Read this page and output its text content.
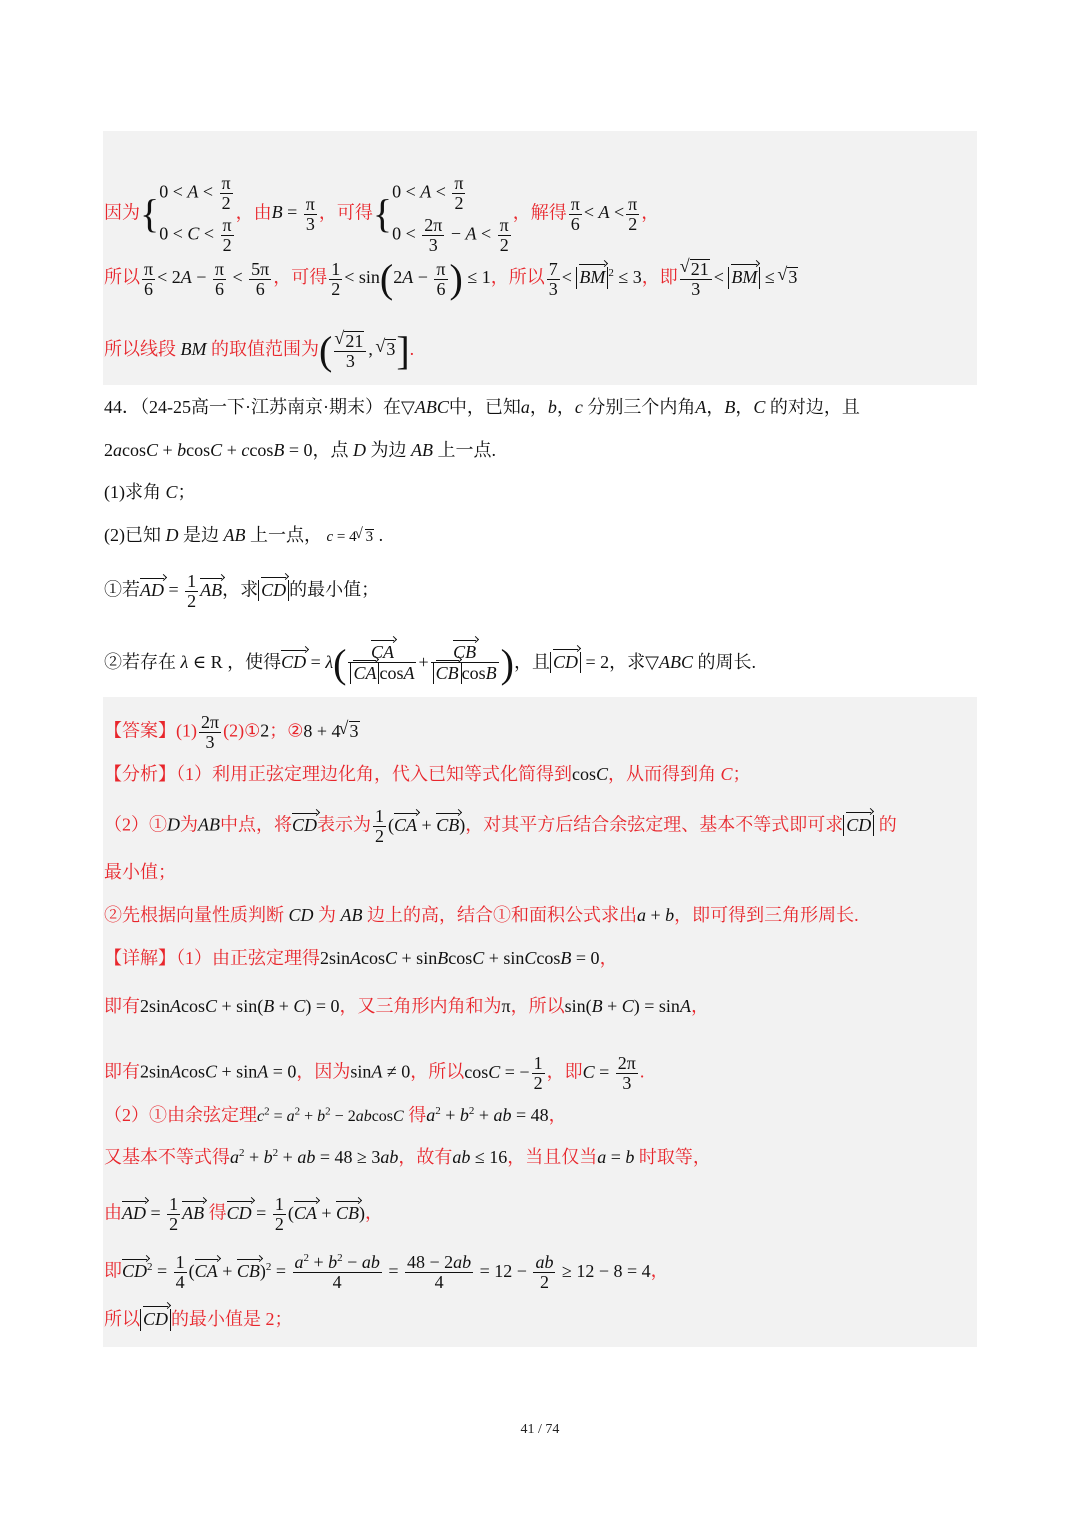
因为{ $0 < A < \frac{\pi}{2}$
$0 < C < \frac{\pi}{2}$
，由$B = \frac{\pi}{3}$ ，可得{ $0 < A < \frac{\pi}{2}$
$0 < \frac{2\pi}{3} - A < \frac{\pi}{2}$
，解得 $\frac{\pi}{6} < A < \frac{\pi}{2}$ ，
所以 $\frac{\pi}{6} < 2A - \frac{\pi}{6} < \frac{5\pi}{6}$ ，可得 $\frac{1}{2} < \sin(2A - \frac{\pi}{6}$ ) ≤ 1，所以 $\frac{7}{3}$ < BM $^2$ ≤ 3，即 √ $\frac{21}{3}$ < BM ≤ √ 3
所以线段 BM 的取值范围为( √ $\frac{21}{3}$ , √ 3].
44．（24-25高一下·江苏南京·期末）在▽ABC中，已知a，b，c 分别三个内角A，B，C 的对边，且
2acosC + bcosC + ccosB = 0，点 D 为边 AB 上一点.
(1)求角 C；
(2)已知 D 是边 AB 上一点， c = 4 √ 3 .
①若AD = $\frac{1}{2}$ AB，求 CD 的最小值；
②若存在 λ ∈ R ，使得CD = $\lambda( \frac{CA}{\text{CA cosA}} + \frac{CB}{\text{CB cosB}}$ )，且 CD = 2，求▽ABC 的周长.
【答案】$(1) \frac{2\pi}{3}$ (2)①2；②8 + 4 √ 3
【分析】（1）利用正弦定理边化角，代入已知等式化简得到cosC，从而得到角 C；
（2）①D为AB中点，将CD表示为 $\frac{1}{2} (CA + CB)$，对其平方后结合余弦定理、基本不等式即可求 CD 的
最小值；
②先根据向量性质判断 CD 为 AB 边上的高，结合①和面积公式求出a + b，即可得到三角形周长.
【详解】（1）由正弦定理得2sinAcosC + sinBcosC + sinCcosB = 0，
即有2sinAcosC + sin(B + C) = 0，又三角形内角和为π，所以sin(B + C) = sinA，
即有2sinAcosC + sinA = 0，因为sinA ≠ 0，所以cosC = − $\frac{1}{2}$ ，即$C = \frac{2\pi}{3}$ .
（2）①由余弦定理$c^2 = a^2 + b^2 - 2abcosC$ 得$a^2 + b^2$ + ab = 48，
又基本不等式得$a^2 + b^2$ + ab = 48 ≥ 3ab，故有ab ≤ 16，当且仅当a = b 时取等，
由AD = $\frac{1}{2}$ AB 得CD = $\frac{1}{2} (CA + CB)$，
即$CD^2 = \frac{1}{4} (CA + CB)^2 = \frac{a^2 + b^2 - ab}{4} = \frac{48 - 2ab}{4} = 12 - \frac{ab}{2} \ge 12 - 8 = 4$，
所以 CD 的最小值是 2；
41 / 74
